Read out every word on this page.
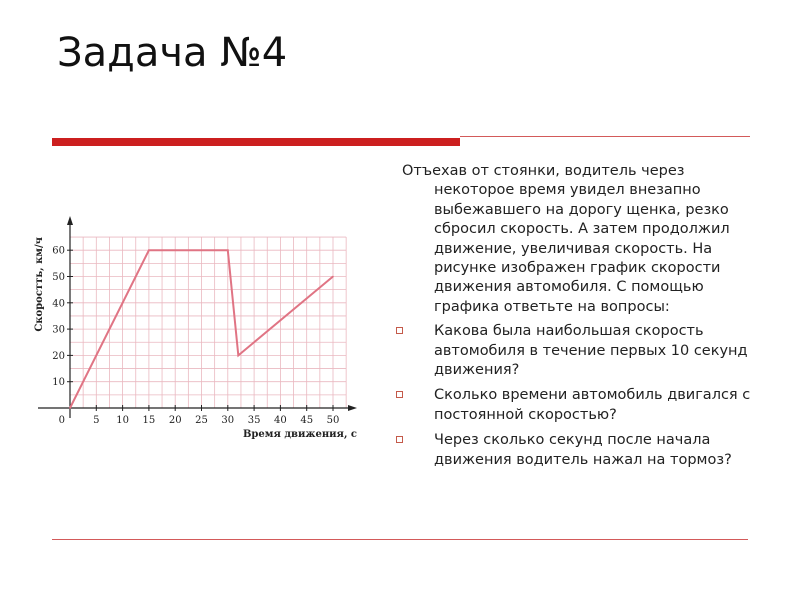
Задача №4
5 10 15 20 25 30 35 40 45 50
10
20
30
40
50
60
0
Время движения, с
Скоростть, км/ч

Отъехав от стоянки, водитель через некоторое время увидел внезапно выбежавшего на дорогу щенка, резко сбросил скорость. А затем продолжил движение, увеличивая скорость. На рисунке изображен график скорости движения автомобиля. С помощью графика ответьте на вопросы:

Какова была наибольшая скорость автомобиля в течение первых 10 секунд движения?
Сколько времени автомобиль двигался с постоянной скоростью?
Через сколько секунд после начала движения водитель нажал на тормоз?
